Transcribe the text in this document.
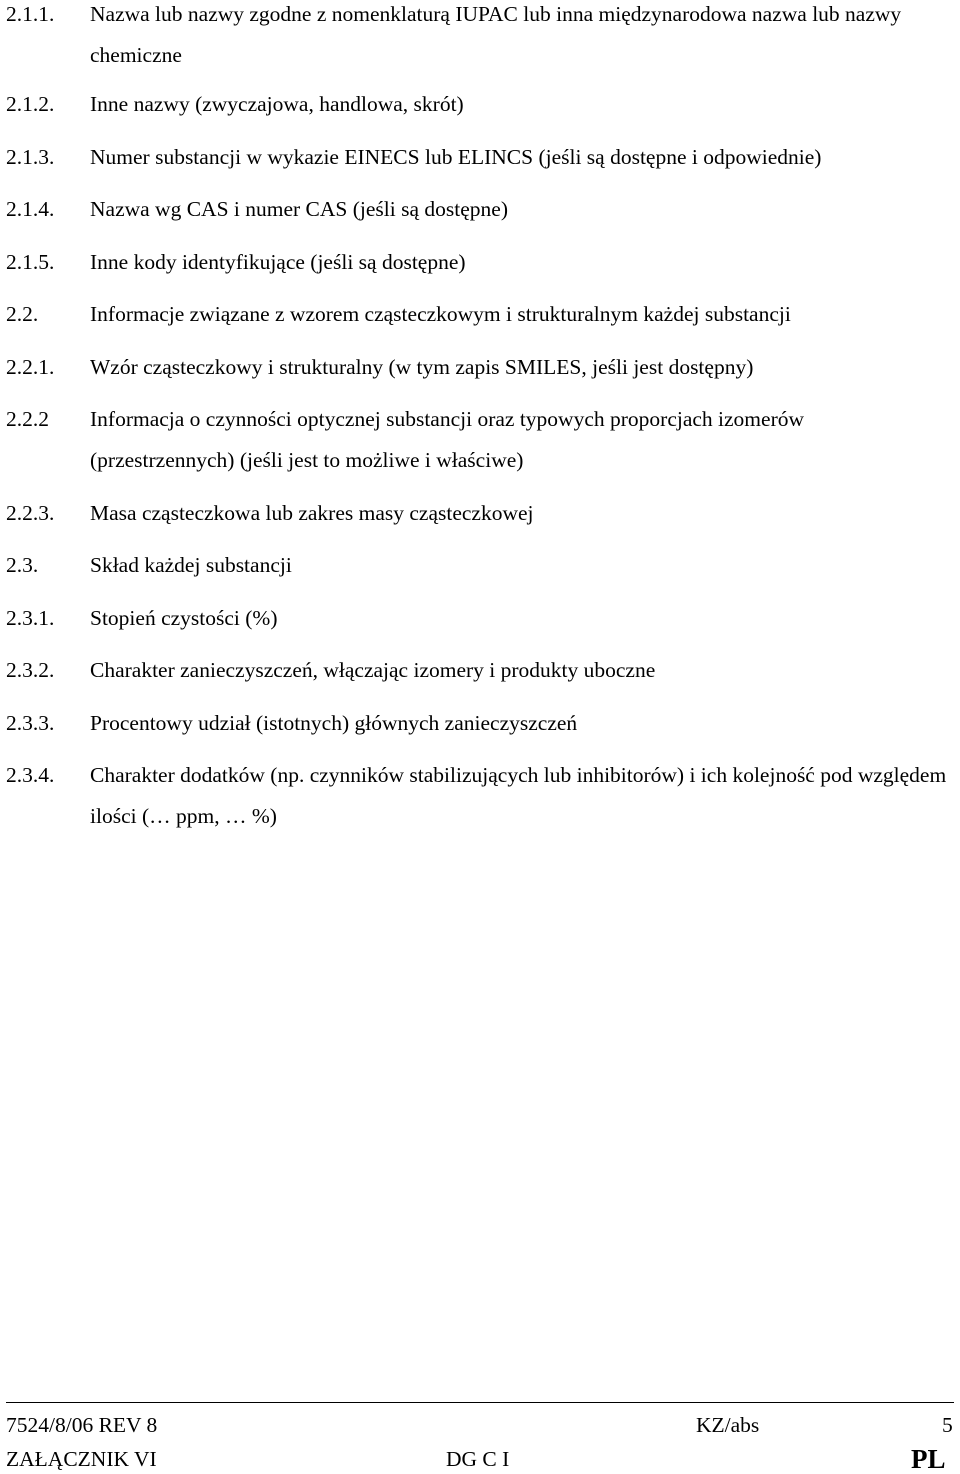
2.1.1. Nazwa lub nazwy zgodne z nomenklaturą IUPAC lub inna międzynarodowa nazwa lub nazwy chemiczne
2.1.2. Inne nazwy (zwyczajowa, handlowa, skrót)
2.1.3. Numer substancji w wykazie EINECS lub ELINCS (jeśli są dostępne i odpowiednie)
2.1.4. Nazwa wg CAS i numer CAS (jeśli są dostępne)
2.1.5. Inne kody identyfikujące (jeśli są dostępne)
2.2. Informacje związane z wzorem cząsteczkowym i strukturalnym każdej substancji
2.2.1. Wzór cząsteczkowy i strukturalny (w tym zapis SMILES, jeśli jest dostępny)
2.2.2 Informacja o czynności optycznej substancji oraz typowych proporcjach izomerów (przestrzennych) (jeśli jest to możliwe i właściwe)
2.2.3. Masa cząsteczkowa lub zakres masy cząsteczkowej
2.3. Skład każdej substancji
2.3.1. Stopień czystości (%)
2.3.2. Charakter zanieczyszczeń, włączając izomery i produkty uboczne
2.3.3. Procentowy udział (istotnych) głównych zanieczyszczeń
2.3.4. Charakter dodatków (np. czynników stabilizujących lub inhibitorów) i ich kolejność pod względem ilości (… ppm, … %)
7524/8/06 REV 8	KZ/abs	5
ZAŁĄCZNIK VI	DG C I	PL
